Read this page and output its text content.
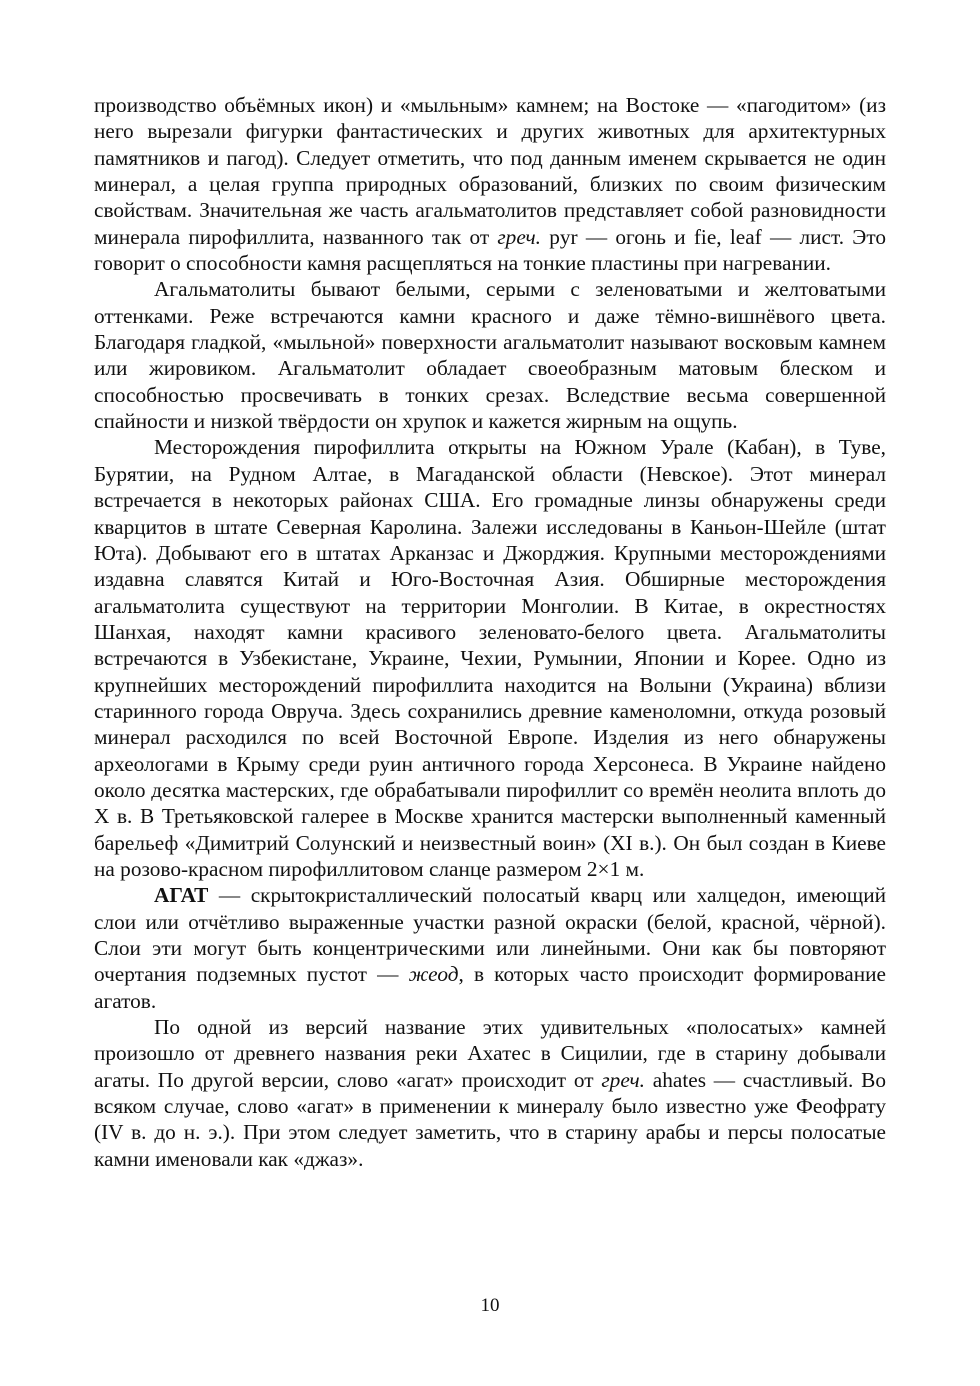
производство объёмных икон) и «мыльным» камнем; на Востоке — «пагодитом» (из него вырезали фигурки фантастических и других животных для архитектурных памятников и пагод). Следует отметить, что под данным именем скрывается не один минерал, а целая группа природных образований, близких по своим физическим свойствам. Значительная же часть агальматолитов представляет собой разновидности минерала пирофиллита, названного так от греч. pyr — огонь и fie, leaf — лист. Это говорит о способности камня расщепляться на тонкие пластины при нагревании.

Агальматолиты бывают белыми, серыми с зеленоватыми и желтоватыми оттенками. Реже встречаются камни красного и даже тёмно-вишнёвого цвета. Благодаря гладкой, «мыльной» поверхности агальматолит называют восковым камнем или жировиком. Агальматолит обладает своеобразным матовым блеском и способностью просвечивать в тонких срезах. Вследствие весьма совершенной спайности и низкой твёрдости он хрупок и кажется жирным на ощупь.

Месторождения пирофиллита открыты на Южном Урале (Кабан), в Туве, Бурятии, на Рудном Алтае, в Магаданской области (Невское). Этот минерал встречается в некоторых районах США. Его громадные линзы обнаружены среди кварцитов в штате Северная Каролина. Залежи исследованы в Каньон-Шейле (штат Юта). Добывают его в штатах Арканзас и Джорджия. Крупными месторождениями издавна славятся Китай и Юго-Восточная Азия. Обширные месторождения агальматолита существуют на территории Монголии. В Китае, в окрестностях Шанхая, находят камни красивого зеленовато-белого цвета. Агальматолиты встречаются в Узбекистане, Украине, Чехии, Румынии, Японии и Корее. Одно из крупнейших месторождений пирофиллита находится на Волыни (Украина) вблизи старинного города Овруча. Здесь сохранились древние каменоломни, откуда розовый минерал расходился по всей Восточной Европе. Изделия из него обнаружены археологами в Крыму среди руин античного города Херсонеса. В Украине найдено около десятка мастерских, где обрабатывали пирофиллит со времён неолита вплоть до X в. В Третьяковской галерее в Москве хранится мастерски выполненный каменный барельеф «Димитрий Солунский и неизвестный воин» (XI в.). Он был создан в Киеве на розово-красном пирофиллитовом сланце размером 2×1 м.

АГАТ — скрытокристаллический полосатый кварц или халцедон, имеющий слои или отчётливо выраженные участки разной окраски (белой, красной, чёрной). Слои эти могут быть концентрическими или линейными. Они как бы повторяют очертания подземных пустот — жеод, в которых часто происходит формирование агатов.

По одной из версий название этих удивительных «полосатых» камней произошло от древнего названия реки Ахатес в Сицилии, где в старину добывали агаты. По другой версии, слово «агат» происходит от греч. ahates — счастливый. Во всяком случае, слово «агат» в применении к минералу было известно уже Феофрату (IV в. до н. э.). При этом следует заметить, что в старину арабы и персы полосатые камни именовали как «джаз».

10
